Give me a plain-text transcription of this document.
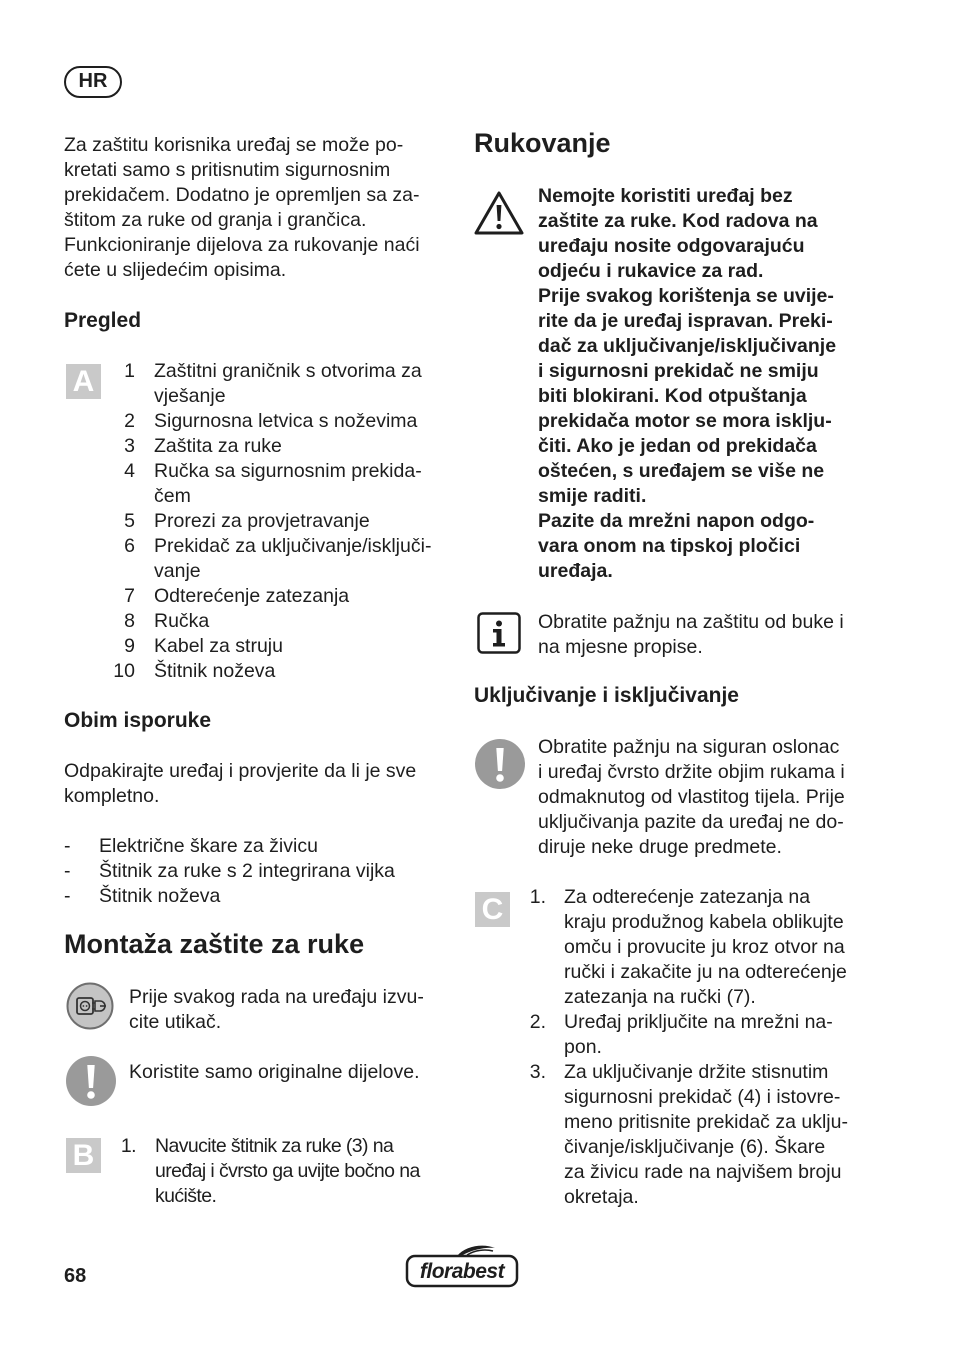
HR
Za zaštitu korisnika uređaj se može po-
kretati samo s pritisnutim sigurnosnim
prekidačem. Dodatno je opremljen sa za-
štitom za ruke od granja i grančica.
Funkcioniranje dijelova za rukovanje naći
ćete u slijedećim opisima.
Pregled
A	1 Zaštitni graničnik s otvorima za
vješanje
2 Sigurnosna letvica s noževima
3 Zaštita za ruke
4 Ručka sa sigurnosnim prekida-
čem
5 Prorezi za provjetravanje
6 Prekidač za uključivanje/isključi-
vanje
7 Odterećenje zatezanja
8 Ručka
9 Kabel za struju
10 Štitnik noževa
Obim isporuke
Odpakirajte uređaj i provjerite da li je sve
kompletno.
- Električne škare za živicu
- Štitnik za ruke s 2 integrirana vijka
- Štitnik noževa
Montaža zaštite za ruke
Prije svakog rada na uređaju izvu-
cite utikač.
Koristite samo originalne dijelove.
B	1. Navucite štitnik za ruke (3) na
uređaj i čvrsto ga uvijte bočno na
kućište.
Rukovanje
Nemojte koristiti uređaj bez
zaštite za ruke. Kod radova na
uređaju nosite odgovarajuću
odjeću i rukavice za rad.
Prije svakog korištenja se uvije-
rite da je uređaj ispravan. Preki-
dač za uključivanje/isključivanje
i sigurnosni prekidač ne smiju
biti blokirani. Kod otpuštanja
prekidača motor se mora isklju-
čiti. Ako je jedan od prekidača
oštećen, s uređajem se više ne
smije raditi.
Pazite da mrežni napon odgo-
vara onom na tipskoj pločici
uređaja.
Obratite pažnju na zaštitu od buke i
na mjesne propise.
Uključivanje i isključivanje
Obratite pažnju na siguran oslonac
i uređaj čvrsto držite objim rukama i
odmaknutog od vlastitog tijela. Prije
uključivanja pazite da uređaj ne do-
diruje neke druge predmete.
C	1. Za odterećenje zatezanja na
kraju produžnog kabela oblikujte
omču i provucite ju kroz otvor na
ručki i zakačite ju na odterećenje
zatezanja na ručki (7).
2. Uređaj priključite na mrežni na-
pon.
3. Za uključivanje držite stisnutim
sigurnosni prekidač (4) i istovre-
meno pritisnite prekidač za uklju-
čivanje/isključivanje (6). Škare
za živicu rade na najvišem broju
okretaja.
68	florabest
